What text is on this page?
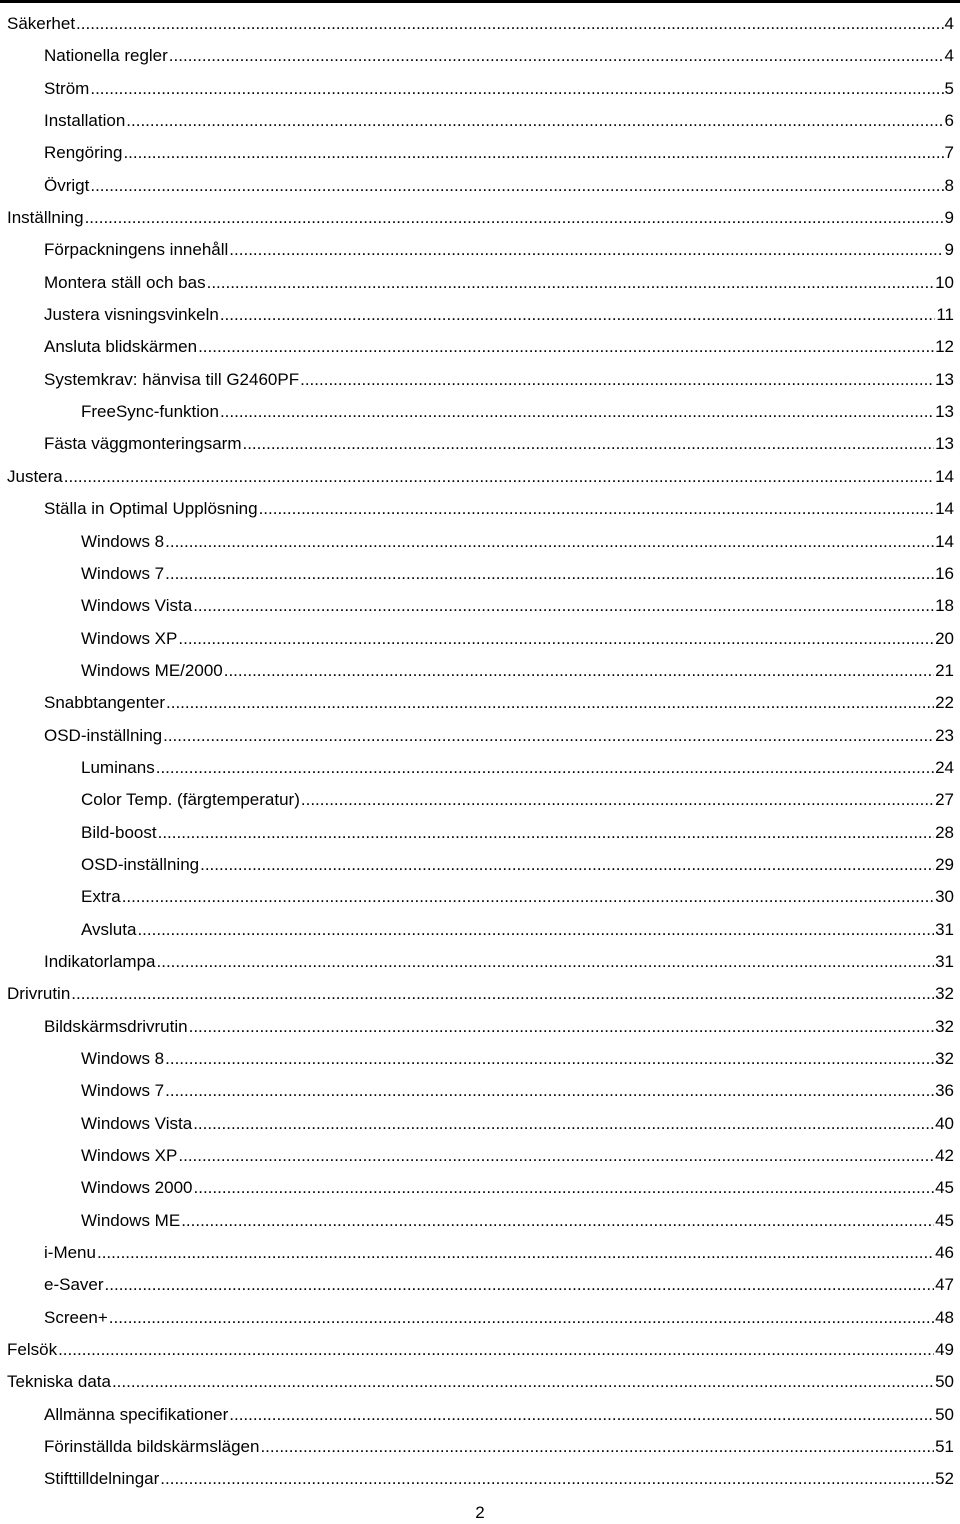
Säkerhet .....	4
Nationella regler .....	4
Ström .....	5
Installation .....	6
Rengöring .....	7
Övrigt .....	8
Inställning .....	9
Förpackningens innehåll .....	9
Montera ställ och bas .....	10
Justera visningsvinkeln .....	11
Ansluta blidskärmen .....	12
Systemkrav: hänvisa till G2460PF .....	13
FreeSync-funktion .....	13
Fästa väggmonteringsarm .....	13
Justera .....	14
Ställa in Optimal Upplösning .....	14
Windows 8 .....	14
Windows 7 .....	16
Windows Vista .....	18
Windows XP .....	20
Windows ME/2000 .....	21
Snabbtangenter .....	22
OSD-inställning .....	23
Luminans .....	24
Color Temp. (färgtemperatur) .....	27
Bild-boost .....	28
OSD-inställning .....	29
Extra .....	30
Avsluta .....	31
Indikatorlampa .....	31
Drivrutin .....	32
Bildskärmsdrivrutin .....	32
Windows 8 .....	32
Windows 7 .....	36
Windows Vista .....	40
Windows XP .....	42
Windows 2000 .....	45
Windows ME .....	45
i-Menu .....	46
e-Saver .....	47
Screen+ .....	48
Felsök .....	49
Tekniska data .....	50
Allmänna specifikationer .....	50
Förinställda bildskärmslägen .....	51
Stifttilldelningar .....	52
2
